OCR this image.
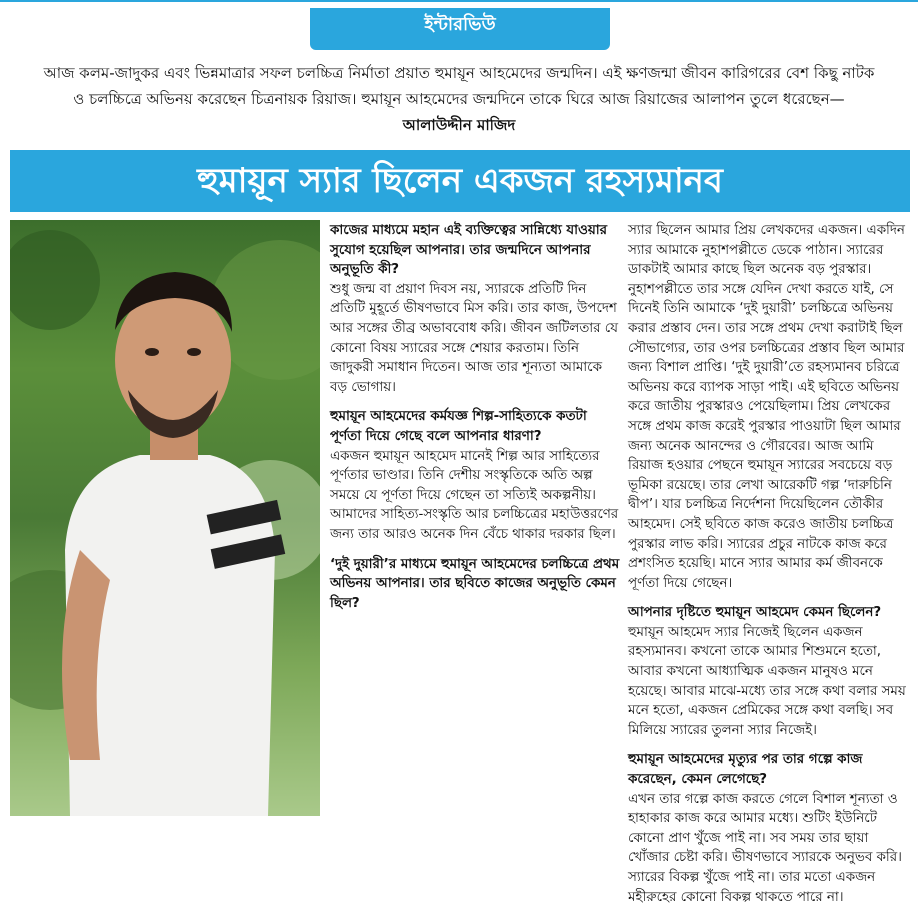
ইন্টারভিউ
আজ কলম-জাদুকর এবং ভিন্নমাত্রার সফল চলচ্চিত্র নির্মাতা প্রয়াত হুমায়ূন আহমেদের জন্মদিন। এই ক্ষণজন্মা জীবন কারিগরের বেশ কিছু নাটক ও চলচ্চিত্রে অভিনয় করেছেন চিত্রনায়ক রিয়াজ। হুমায়ূন আহমেদের জন্মদিনে তাকে ঘিরে আজ রিয়াজের আলাপন তুলে ধরেছেন—আলাউদ্দীন মাজিদ
হুমায়ূন স্যার ছিলেন একজন রহস্যমানব

কাজের মাধ্যমে মহান এই ব্যক্তিত্বের সান্নিধ্যে যাওয়ার সুযোগ হয়েছিল আপনার। তার জন্মদিনে আপনার অনুভূতি কী?
শুধু জন্ম বা প্রয়াণ দিবস নয়, স্যারকে প্রতিটি দিন প্রতিটি মুহূর্তে ভীষণভাবে মিস করি। তার কাজ, উপদেশ আর সঙ্গের তীব্র অভাববোধ করি। জীবন জটিলতার যে কোনো বিষয় স্যারের সঙ্গে শেয়ার করতাম। তিনি জাদুকরী সমাধান দিতেন। আজ তার শূন্যতা আমাকে বড় ভোগায়।

হুমায়ূন আহমেদের কর্মযজ্ঞ শিল্প-সাহিত্যকে কতটা পূর্ণতা দিয়ে গেছে বলে আপনার ধারণা?
একজন হুমায়ূন আহমেদ মানেই শিল্প আর সাহিত্যের পূর্ণতার ভাণ্ডার। তিনি দেশীয় সংস্কৃতিকে অতি অল্প সময়ে যে পূর্ণতা দিয়ে গেছেন তা সত্যিই অকল্পনীয়। আমাদের সাহিত্য-সংস্কৃতি আর চলচ্চিত্রের মহাউত্তরণের জন্য তার আরও অনেক দিন বেঁচে থাকার দরকার ছিল।

‘দুই দুয়ারী’র মাধ্যমে হুমায়ূন আহমেদের চলচ্চিত্রে প্রথম অভিনয় আপনার। তার ছবিতে কাজের অনুভূতি কেমন ছিল?

স্যার ছিলেন আমার প্রিয় লেখকদের একজন। একদিন স্যার আমাকে নুহাশপল্লীতে ডেকে পাঠান। স্যারের ডাকটাই আমার কাছে ছিল অনেক বড় পুরস্কার। নুহাশপল্লীতে তার সঙ্গে যেদিন দেখা করতে যাই, সে দিনেই তিনি আমাকে ‘দুই দুয়ারী’ চলচ্চিত্রে অভিনয় করার প্রস্তাব দেন। তার সঙ্গে প্রথম দেখা করাটাই ছিল সৌভাগ্যের, তার ওপর চলচ্চিত্রের প্রস্তাব ছিল আমার জন্য বিশাল প্রাপ্তি। ‘দুই দুয়ারী’তে রহস্যমানব চরিত্রে অভিনয় করে ব্যাপক সাড়া পাই। এই ছবিতে অভিনয় করে জাতীয় পুরস্কারও পেয়েছিলাম। প্রিয় লেখকের সঙ্গে প্রথম কাজ করেই পুরস্কার পাওয়াটা ছিল আমার জন্য অনেক আনন্দের ও গৌরবের। আজ আমি রিয়াজ হওয়ার পেছনে হুমায়ূন স্যারের সবচেয়ে বড় ভূমিকা রয়েছে। তার লেখা আরেকটি গল্প ‘দারুচিনি দ্বীপ’। যার চলচ্চিত্র নির্দেশনা দিয়েছিলেন তৌকীর আহমেদ। সেই ছবিতে কাজ করেও জাতীয় চলচ্চিত্র পুরস্কার লাভ করি। স্যারের প্রচুর নাটকে কাজ করে প্রশংসিত হয়েছি। মানে স্যার আমার কর্ম জীবনকে পূর্ণতা দিয়ে গেছেন।

আপনার দৃষ্টিতে হুমায়ূন আহমেদ কেমন ছিলেন?
হুমায়ূন আহমেদ স্যার নিজেই ছিলেন একজন রহস্যমানব। কখনো তাকে আমার শিশুমনে হতো, আবার কখনো আধ্যাত্মিক একজন মানুষও মনে হয়েছে। আবার মাঝে-মধ্যে তার সঙ্গে কথা বলার সময় মনে হতো, একজন প্রেমিকের সঙ্গে কথা বলছি। সব মিলিয়ে স্যারের তুলনা স্যার নিজেই।

হুমায়ূন আহমেদের মৃত্যুর পর তার গল্পে কাজ করেছেন, কেমন লেগেছে?
এখন তার গল্পে কাজ করতে গেলে বিশাল শূন্যতা ও হাহাকার কাজ করে আমার মধ্যে। শুটিং ইউনিটে কোনো প্রাণ খুঁজে পাই না। সব সময় তার ছায়া খোঁজার চেষ্টা করি। ভীষণভাবে স্যারকে অনুভব করি। স্যারের বিকল্প খুঁজে পাই না। তার মতো একজন মহীরুহের কোনো বিকল্প থাকতে পারে না।
